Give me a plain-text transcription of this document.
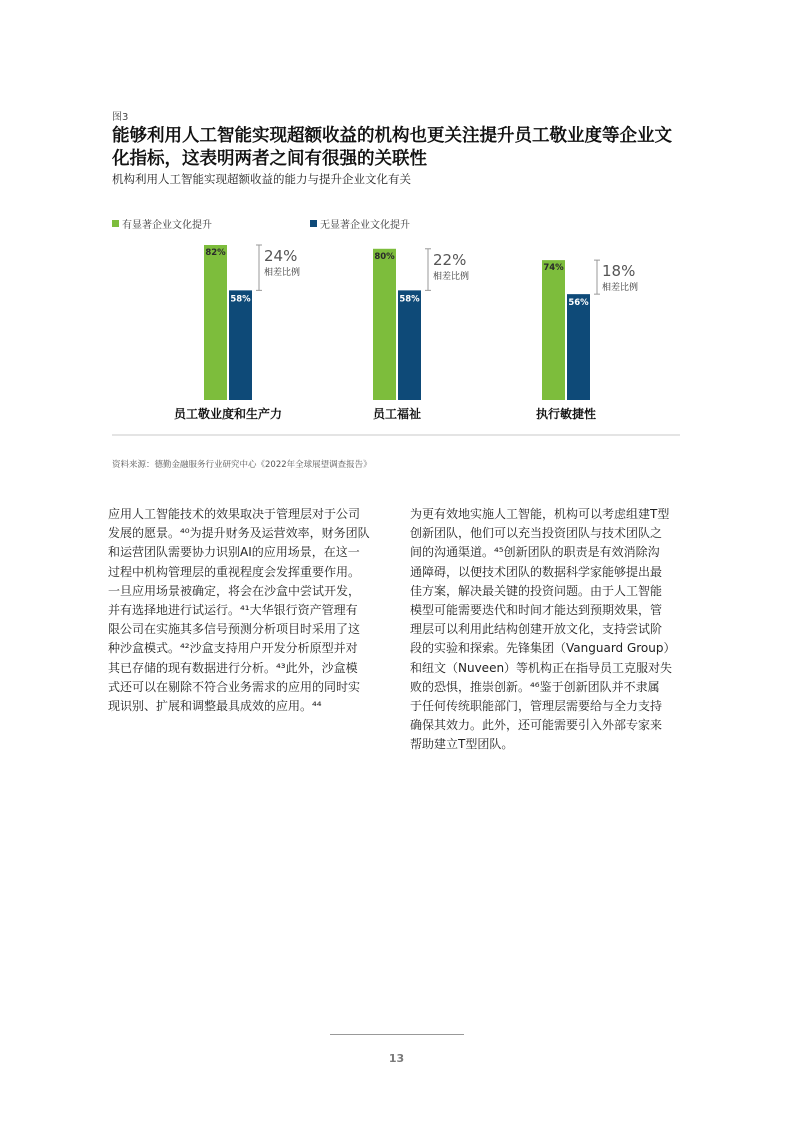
图3
能够利用人工智能实现超额收益的机构也更关注提升员工敬业度等企业文
化指标，这表明两者之间有很强的关联性
机构利用人工智能实现超额收益的能力与提升企业文化有关
有显著企业文化提升	无显著企业文化提升
82%
58%
24%
相差比例
员工敬业度和生产力
80%
58%
22%
相差比例
员工福祉
74%
56%
18%
相差比例
执行敏捷性
资料来源：德勤金融服务行业研究中心《2022年全球展望调查报告》

应用人工智能技术的效果取决于管理层对于公司

发展的愿景。⁴⁰为提升财务及运营效率，财务团队

和运营团队需要协力识别AI的应用场景，在这一

过程中机构管理层的重视程度会发挥重要作用。

一旦应用场景被确定，将会在沙盒中尝试开发，

并有选择地进行试运行。⁴¹大华银行资产管理有

限公司在实施其多信号预测分析项目时采用了这

种沙盒模式。⁴²沙盒支持用户开发分析原型并对

其已存储的现有数据进行分析。⁴³此外，沙盒模

式还可以在剔除不符合业务需求的应用的同时实

现识别、扩展和调整最具成效的应用。⁴⁴

为更有效地实施人工智能，机构可以考虑组建T型

创新团队，他们可以充当投资团队与技术团队之

间的沟通渠道。⁴⁵创新团队的职责是有效消除沟

通障碍，以便技术团队的数据科学家能够提出最

佳方案，解决最关键的投资问题。由于人工智能

模型可能需要迭代和时间才能达到预期效果，管

理层可以利用此结构创建开放文化，支持尝试阶

段的实验和探索。先锋集团（Vanguard Group）

和纽文（Nuveen）等机构正在指导员工克服对失

败的恐惧，推崇创新。⁴⁶鉴于创新团队并不隶属

于任何传统职能部门，管理层需要给与全力支持

确保其效力。此外，还可能需要引入外部专家来

帮助建立T型团队。

13
